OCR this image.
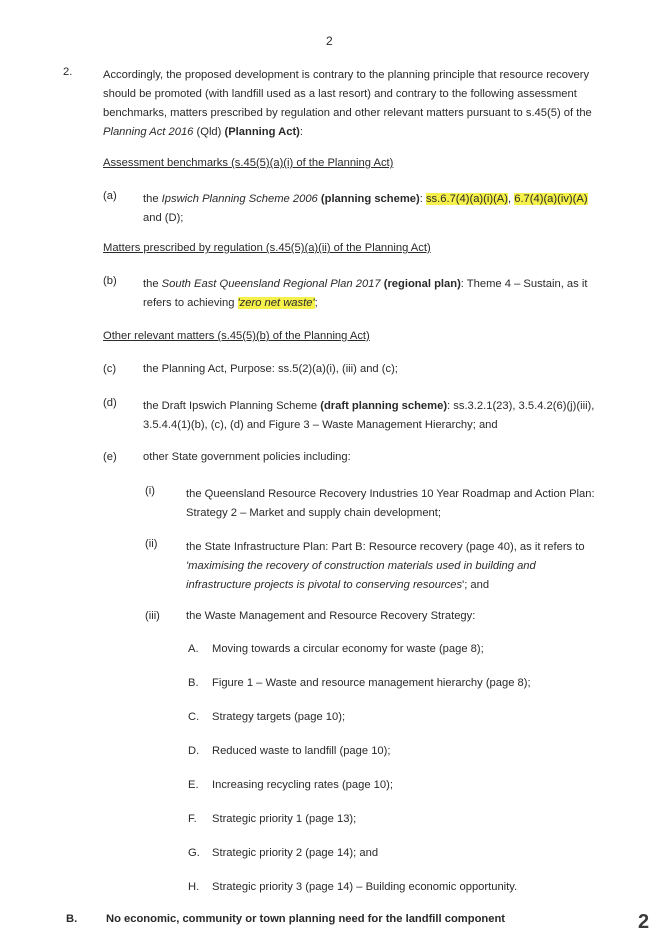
2
2.	Accordingly, the proposed development is contrary to the planning principle that resource recovery
should be promoted (with landfill used as a last resort) and contrary to the following assessment
benchmarks, matters prescribed by regulation and other relevant matters pursuant to s.45(5) of the
Planning Act 2016 (Qld) (Planning Act):
Assessment benchmarks (s.45(5)(a)(i) of the Planning Act)
(a) the Ipswich Planning Scheme 2006 (planning scheme): ss.6.7(4)(a)(i)(A), 6.7(4)(a)(iv)(A)
and (D);
Matters prescribed by regulation (s.45(5)(a)(ii) of the Planning Act)
(b) the South East Queensland Regional Plan 2017 (regional plan): Theme 4 – Sustain, as it
refers to achieving 'zero net waste';
Other relevant matters (s.45(5)(b) of the Planning Act)
(c) the Planning Act, Purpose: ss.5(2)(a)(i), (iii) and (c);
(d) the Draft Ipswich Planning Scheme (draft planning scheme): ss.3.2.1(23), 3.5.4.2(6)(j)(iii),
3.5.4.4(1)(b), (c), (d) and Figure 3 – Waste Management Hierarchy; and
(e) other State government policies including:
(i)	the Queensland Resource Recovery Industries 10 Year Roadmap and Action Plan:
Strategy 2 – Market and supply chain development;
(ii)	the State Infrastructure Plan: Part B: Resource recovery (page 40), as it refers to
'maximising the recovery of construction materials used in building and
infrastructure projects is pivotal to conserving resources'; and
(iii) the Waste Management and Resource Recovery Strategy:
A. Moving towards a circular economy for waste (page 8);
B. Figure 1 – Waste and resource management hierarchy (page 8);
C. Strategy targets (page 10);
D. Reduced waste to landfill (page 10);
E. Increasing recycling rates (page 10);
F. Strategic priority 1 (page 13);
G. Strategic priority 2 (page 14); and
H. Strategic priority 3 (page 14) – Building economic opportunity.
B.	No economic, community or town planning need for the landfill component	2
